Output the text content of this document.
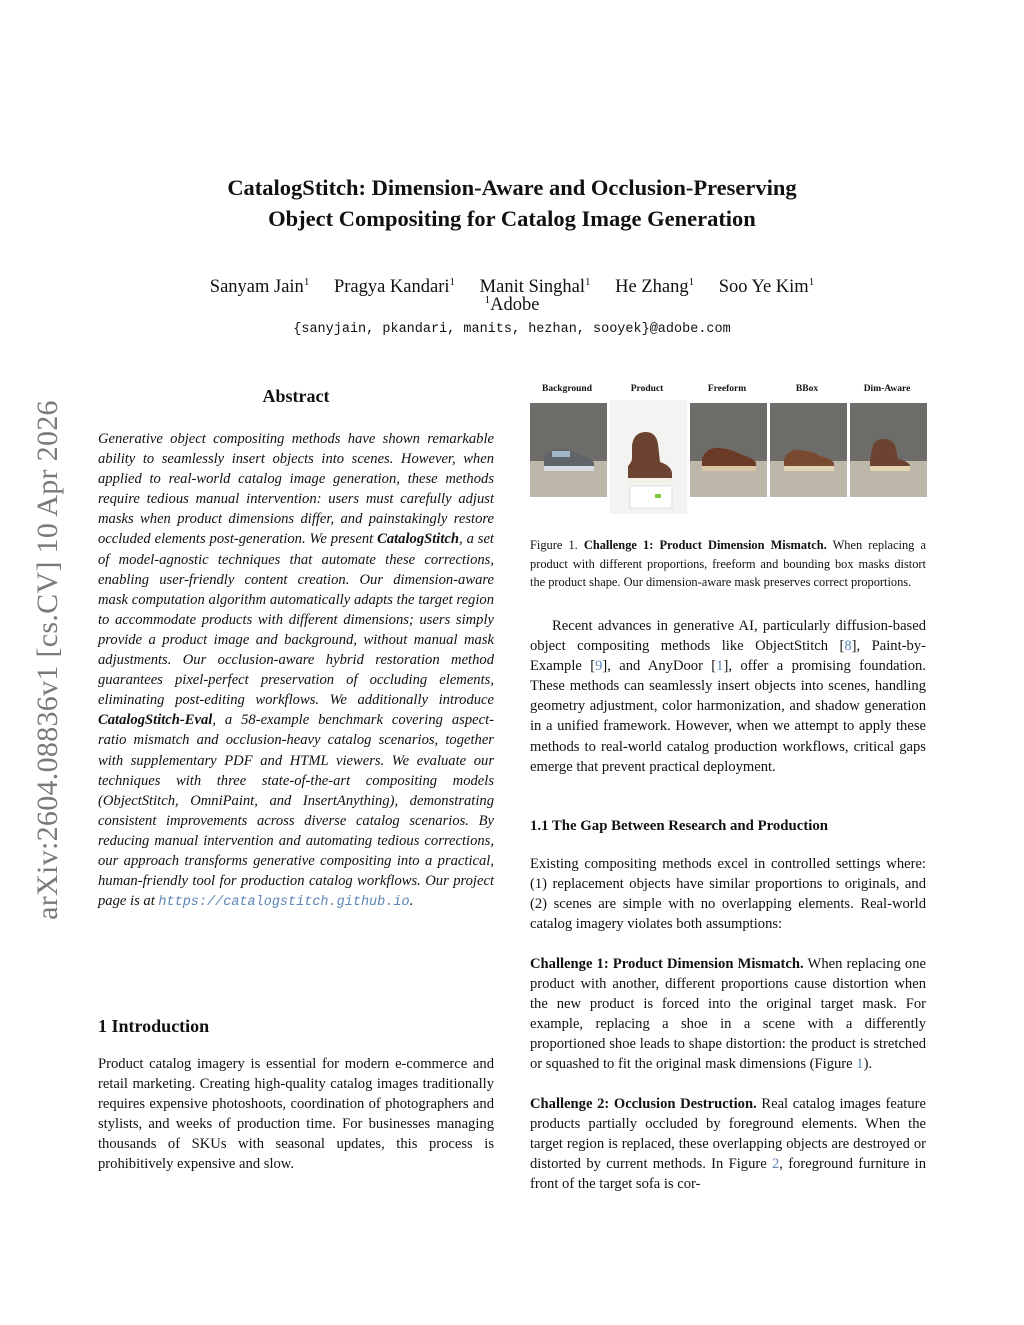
arXiv:2604.08836v1 [cs.CV] 10 Apr 2026
CatalogStitch: Dimension-Aware and Occlusion-Preserving
Object Compositing for Catalog Image Generation
Sanyam Jain$^1$ Pragya Kandari$^1$ Manit Singhal$^1$ He Zhang$^1$ Soo Ye Kim$^1$
$^1$Adobe
{sanyjain, pkandari, manits, hezhan, sooyek}@adobe.com
Abstract
Generative object compositing methods have shown remarkable ability to seamlessly insert objects into scenes. However, when applied to real-world catalog image generation, these methods require tedious manual intervention: users must carefully adjust masks when product dimensions differ, and painstakingly restore occluded elements post-generation. We present CatalogStitch, a set of model-agnostic techniques that automate these corrections, enabling user-friendly content creation. Our dimension-aware mask computation algorithm automatically adapts the target region to accommodate products with different dimensions; users simply provide a product image and background, without manual mask adjustments. Our occlusion-aware hybrid restoration method guarantees pixel-perfect preservation of occluding elements, eliminating post-editing workflows. We additionally introduce CatalogStitch-Eval, a 58-example benchmark covering aspect-ratio mismatch and occlusion-heavy catalog scenarios, together with supplementary PDF and HTML viewers. We evaluate our techniques with three state-of-the-art compositing models (ObjectStitch, OmniPaint, and InsertAnything), demonstrating consistent improvements across diverse catalog scenarios. By reducing manual intervention and automating tedious corrections, our approach transforms generative compositing into a practical, human-friendly tool for production catalog workflows. Our project page is at https://catalogstitch.github.io.
1 Introduction
Product catalog imagery is essential for modern e-commerce and retail marketing. Creating high-quality catalog images traditionally requires expensive photoshoots, coordination of photographers and stylists, and weeks of production time. For businesses managing thousands of SKUs with seasonal updates, this process is prohibitively expensive and slow.
Background	Product	Freeform	BBox	Dim-Aware
Figure 1. Challenge 1: Product Dimension Mismatch. When replacing a product with different proportions, freeform and bounding box masks distort the product shape. Our dimension-aware mask preserves correct proportions.
Recent advances in generative AI, particularly diffusion-based object compositing methods like ObjectStitch [8], Paint-by-Example [9], and AnyDoor [1], offer a promising foundation. These methods can seamlessly insert objects into scenes, handling geometry adjustment, color harmonization, and shadow generation in a unified framework. However, when we attempt to apply these methods to real-world catalog production workflows, critical gaps emerge that prevent practical deployment.
1.1 The Gap Between Research and Production
Existing compositing methods excel in controlled settings where: (1) replacement objects have similar proportions to originals, and (2) scenes are simple with no overlapping elements. Real-world catalog imagery violates both assumptions:
Challenge 1: Product Dimension Mismatch. When replacing one product with another, different proportions cause distortion when the new product is forced into the original target mask. For example, replacing a shoe in a scene with a differently proportioned shoe leads to shape distortion: the product is stretched or squashed to fit the original mask dimensions (Figure 1).
Challenge 2: Occlusion Destruction. Real catalog images feature products partially occluded by foreground elements. When the target region is replaced, these overlapping objects are destroyed or distorted by current methods. In Figure 2, foreground furniture in front of the target sofa is cor-
